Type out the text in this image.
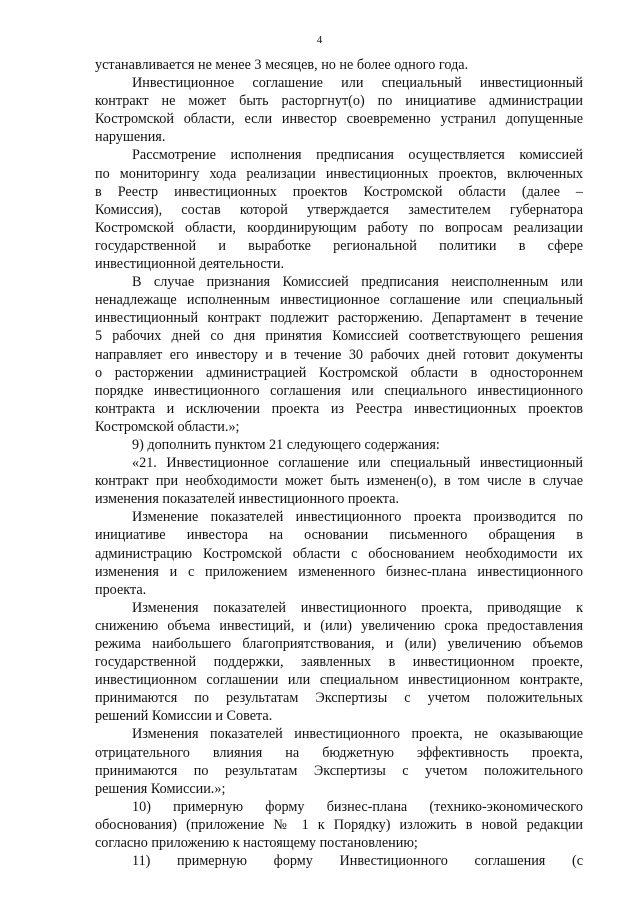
4
устанавливается не менее 3 месяцев, но не более одного года.
Инвестиционное соглашение или специальный инвестиционный
контракт не может быть расторгнут(о) по инициативе администрации
Костромской области, если инвестор своевременно устранил допущенные
нарушения.
Рассмотрение исполнения предписания осуществляется комиссией
по мониторингу хода реализации инвестиционных проектов, включенных
в Реестр инвестиционных проектов Костромской области (далее –
Комиссия), состав которой утверждается заместителем губернатора
Костромской области, координирующим работу по вопросам реализации
государственной и выработке региональной политики в сфере
инвестиционной деятельности.
В случае признания Комиссией предписания неисполненным или
ненадлежаще исполненным инвестиционное соглашение или специальный
инвестиционный контракт подлежит расторжению. Департамент в течение
5 рабочих дней со дня принятия Комиссией соответствующего решения
направляет его инвестору и в течение 30 рабочих дней готовит документы
о расторжении администрацией Костромской области в одностороннем
порядке инвестиционного соглашения или специального инвестиционного
контракта и исключении проекта из Реестра инвестиционных проектов
Костромской области.»;
9) дополнить пунктом 21 следующего содержания:
«21. Инвестиционное соглашение или специальный инвестиционный
контракт при необходимости может быть изменен(о), в том числе в случае
изменения показателей инвестиционного проекта.
Изменение показателей инвестиционного проекта производится по
инициативе инвестора на основании письменного обращения в
администрацию Костромской области с обоснованием необходимости их
изменения и с приложением измененного бизнес-плана инвестиционного
проекта.
Изменения показателей инвестиционного проекта, приводящие к
снижению объема инвестиций, и (или) увеличению срока предоставления
режима наибольшего благоприятствования, и (или) увеличению объемов
государственной поддержки, заявленных в инвестиционном проекте,
инвестиционном соглашении или специальном инвестиционном контракте,
принимаются по результатам Экспертизы с учетом положительных
решений Комиссии и Совета.
Изменения показателей инвестиционного проекта, не оказывающие
отрицательного влияния на бюджетную эффективность проекта,
принимаются по результатам Экспертизы с учетом положительного
решения Комиссии.»;
10) примерную форму бизнес-плана (технико-экономического
обоснования) (приложение № 1 к Порядку) изложить в новой редакции
согласно приложению к настоящему постановлению;
11) примерную форму Инвестиционного соглашения (с
